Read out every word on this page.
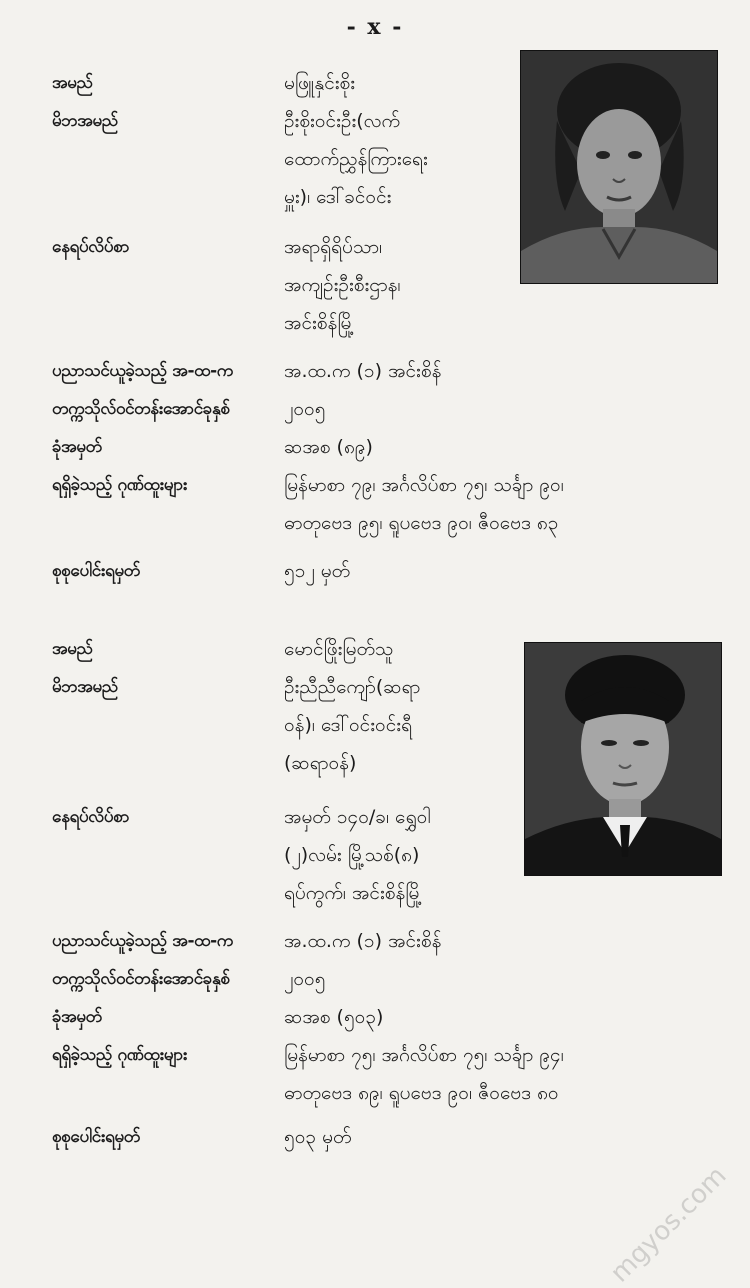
- x -
အမည်	မဖြူနှင်းစိုး
မိဘအမည်	ဦးစိုးဝင်းဦး(လက်
ထောက်ညွှန်ကြားရေး
မှူး)၊ ဒေါ်ခင်ဝင်း
နေရပ်လိပ်စာ	အရာရှိရိပ်သာ၊
အကျဉ်းဦးစီးဌာန၊
အင်းစိန်မြို့
ပညာသင်ယူခဲ့သည့် အ-ထ-က	အ.ထ.က (၁) အင်းစိန်
တက္ကသိုလ်ဝင်တန်းအောင်ခုနှစ်	၂၀၀၅
ခုံအမှတ်	ဆအစ (၈၉)
ရရှိခဲ့သည့် ဂုဏ်ထူးများ	မြန်မာစာ ၇၉၊ အင်္ဂလိပ်စာ ၇၅၊ သင်္ချာ ၉၀၊
ဓာတုဗေဒ ၉၅၊ ရူပဗေဒ ၉၀၊ ဇီဝဗေဒ ၈၃
စုစုပေါင်းရမှတ်	၅၁၂ မှတ်
အမည်	မောင်ဖြိုးမြတ်သူ
မိဘအမည်	ဦးညီညီကျော်(ဆရာ
ဝန်)၊ ဒေါ်ဝင်းဝင်းရီ
(ဆရာဝန်)
နေရပ်လိပ်စာ	အမှတ် ၁၄၀/ခ၊ ရွှေဝါ
(၂)လမ်း မြို့သစ်(၈)
ရပ်ကွက်၊ အင်းစိန်မြို့
ပညာသင်ယူခဲ့သည့် အ-ထ-က	အ.ထ.က (၁) အင်းစိန်
တက္ကသိုလ်ဝင်တန်းအောင်ခုနှစ်	၂၀၀၅
ခုံအမှတ်	ဆအစ (၅၀၃)
ရရှိခဲ့သည့် ဂုဏ်ထူးများ	မြန်မာစာ ၇၅၊ အင်္ဂလိပ်စာ ၇၅၊ သင်္ချာ ၉၄၊
ဓာတုဗေဒ ၈၉၊ ရူပဗေဒ ၉၀၊ ဇီဝဗေဒ ၈၀
စုစုပေါင်းရမှတ်	၅၀၃ မှတ်
mgyos.com
